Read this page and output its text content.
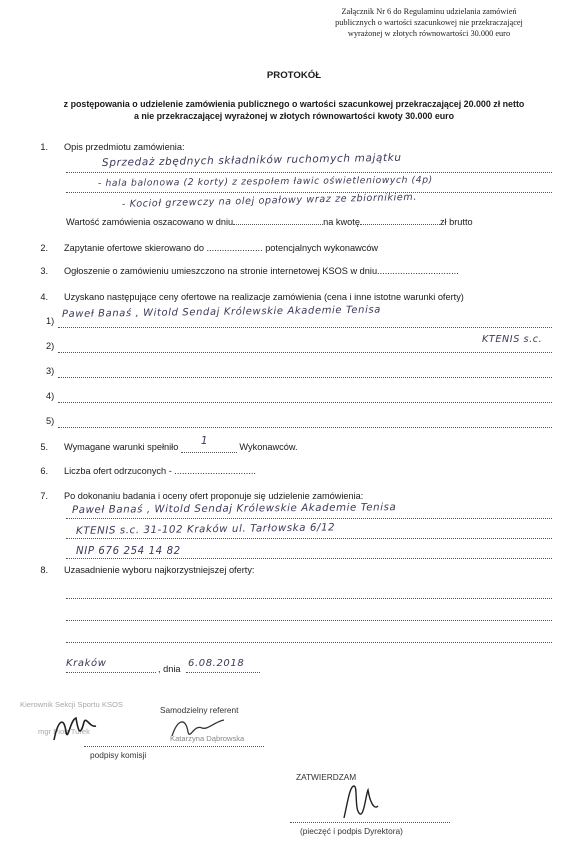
Załącznik Nr 6 do Regulaminu udzielania zamówień
publicznych o wartości szacunkowej nie przekraczającej
wyrażonej w złotych równowartości 30.000 euro
PROTOKÓŁ
z postępowania o udzielenie zamówienia publicznego o wartości szacunkowej przekraczającej 20.000 zł netto
a nie przekraczającej wyrażonej w złotych równowartości kwoty 30.000 euro
1. Opis przedmiotu zamówienia:
Sprzedaż zbędnych składników ruchomych majątku
- hala balonowa (2 korty) z zespołem ławic oświetleniowych (4p)
- Kocioł grzewczy na olej opałowy wraz ze zbiornikiem.
Wartość zamówienia oszacowano w dniu	na kwotę	zł brutto
2. Zapytanie ofertowe skierowano do ...................... potencjalnych wykonawców
3. Ogłoszenie o zamówieniu umieszczono na stronie internetowej KSOS w dniu................................
4. Uzyskano następujące ceny ofertowe na realizacje zamówienia (cena i inne istotne warunki oferty)
1)
Paweł Banaś , Witold Sendaj Królewskie Akademie Tenisa
KTENIS s.c.
2)
3)
4)
5)
5. Wymagane warunki spełniło 1	Wykonawców.
6. Liczba ofert odrzuconych - ................................
7. Po dokonaniu badania i oceny ofert proponuje się udzielenie zamówienia:
Paweł Banaś , Witold Sendaj Królewskie Akademie Tenisa
KTENIS s.c. 31-102 Kraków ul. Tarłowska 6/12
NIP 676 254 14 82
8. Uzasadnienie wyboru najkorzystniejszej oferty:
Kraków	, dnia 6.08.2018
Kierownik Sekcji Sportu KSOS
mgr Piotr Turek
Samodzielny referent
Katarzyna Dąbrowska
podpisy komisji
ZATWIERDZAM
(pieczęć i podpis Dyrektora)
